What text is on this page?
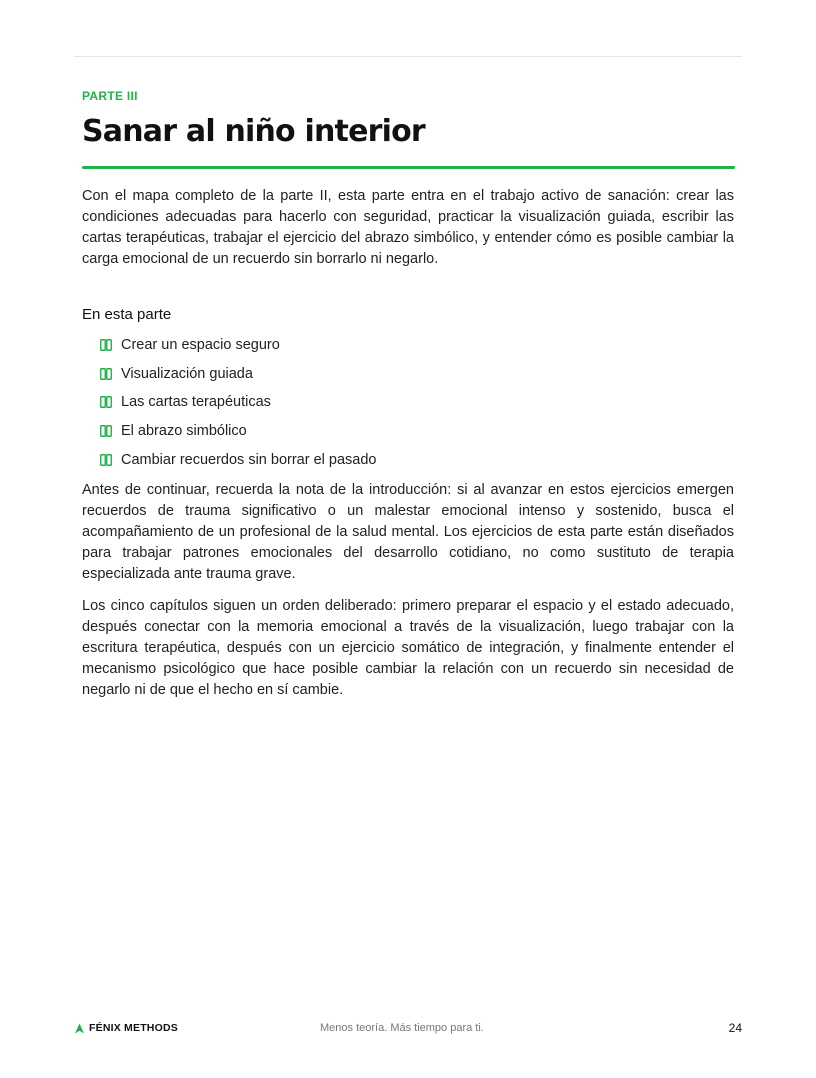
PARTE III
Sanar al niño interior

Con el mapa completo de la parte II, esta parte entra en el trabajo activo de sanación: crear las condiciones adecuadas para hacerlo con seguridad, practicar la visualización guiada, escribir las cartas terapéuticas, trabajar el ejercicio del abrazo simbólico, y entender cómo es posible cambiar la carga emocional de un recuerdo sin borrarlo ni negarlo.

En esta parte
Crear un espacio seguro
Visualización guiada
Las cartas terapéuticas
El abrazo simbólico
Cambiar recuerdos sin borrar el pasado

Antes de continuar, recuerda la nota de la introducción: si al avanzar en estos ejercicios emergen recuerdos de trauma significativo o un malestar emocional intenso y sostenido, busca el acompañamiento de un profesional de la salud mental. Los ejercicios de esta parte están diseñados para trabajar patrones emocionales del desarrollo cotidiano, no como sustituto de terapia especializada ante trauma grave.

Los cinco capítulos siguen un orden deliberado: primero preparar el espacio y el estado adecuado, después conectar con la memoria emocional a través de la visualización, luego trabajar con la escritura terapéutica, después con un ejercicio somático de integración, y finalmente entender el mecanismo psicológico que hace posible cambiar la relación con un recuerdo sin necesidad de negarlo ni de que el hecho en sí cambie.

FÉNIX METHODS	Menos teoría. Más tiempo para ti.	24
